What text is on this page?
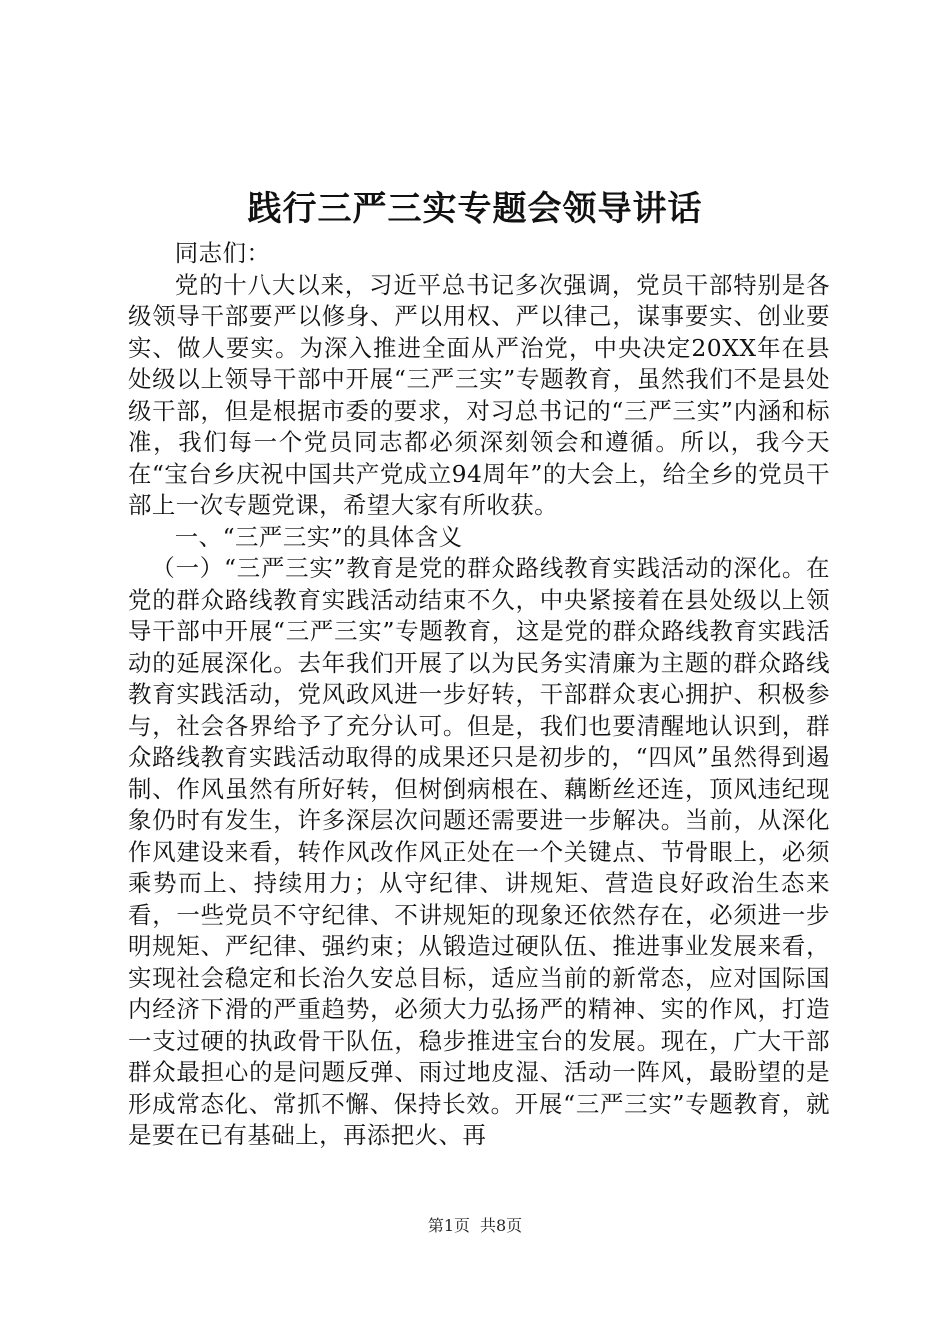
践行三严三实专题会领导讲话

同志们：

党的十八大以来，习近平总书记多次强调，党员干部特别是各级领导干部要严以修身、严以用权、严以律己，谋事要实、创业要实、做人要实。为深入推进全面从严治党，中央决定20XX年在县处级以上领导干部中开展“三严三实”专题教育，虽然我们不是县处级干部，但是根据市委的要求，对习总书记的“三严三实”内涵和标准，我们每一个党员同志都必须深刻领会和遵循。所以，我今天在“宝台乡庆祝中国共产党成立94周年”的大会上，给全乡的党员干部上一次专题党课，希望大家有所收获。

一、“三严三实”的具体含义

（一）“三严三实”教育是党的群众路线教育实践活动的深化。在党的群众路线教育实践活动结束不久，中央紧接着在县处级以上领导干部中开展“三严三实”专题教育，这是党的群众路线教育实践活动的延展深化。去年我们开展了以为民务实清廉为主题的群众路线教育实践活动，党风政风进一步好转，干部群众衷心拥护、积极参与，社会各界给予了充分认可。但是，我们也要清醒地认识到，群众路线教育实践活动取得的成果还只是初步的，“四风”虽然得到遏制、作风虽然有所好转，但树倒病根在、藕断丝还连，顶风违纪现象仍时有发生，许多深层次问题还需要进一步解决。当前，从深化作风建设来看，转作风改作风正处在一个关键点、节骨眼上，必须乘势而上、持续用力；从守纪律、讲规矩、营造良好政治生态来看，一些党员不守纪律、不讲规矩的现象还依然存在，必须进一步明规矩、严纪律、强约束；从锻造过硬队伍、推进事业发展来看，实现社会稳定和长治久安总目标，适应当前的新常态，应对国际国内经济下滑的严重趋势，必须大力弘扬严的精神、实的作风，打造一支过硬的执政骨干队伍，稳步推进宝台的发展。现在，广大干部群众最担心的是问题反弹、雨过地皮湿、活动一阵风，最盼望的是形成常态化、常抓不懈、保持长效。开展“三严三实”专题教育，就是要在已有基础上，再添把火、再

第1页 共8页
